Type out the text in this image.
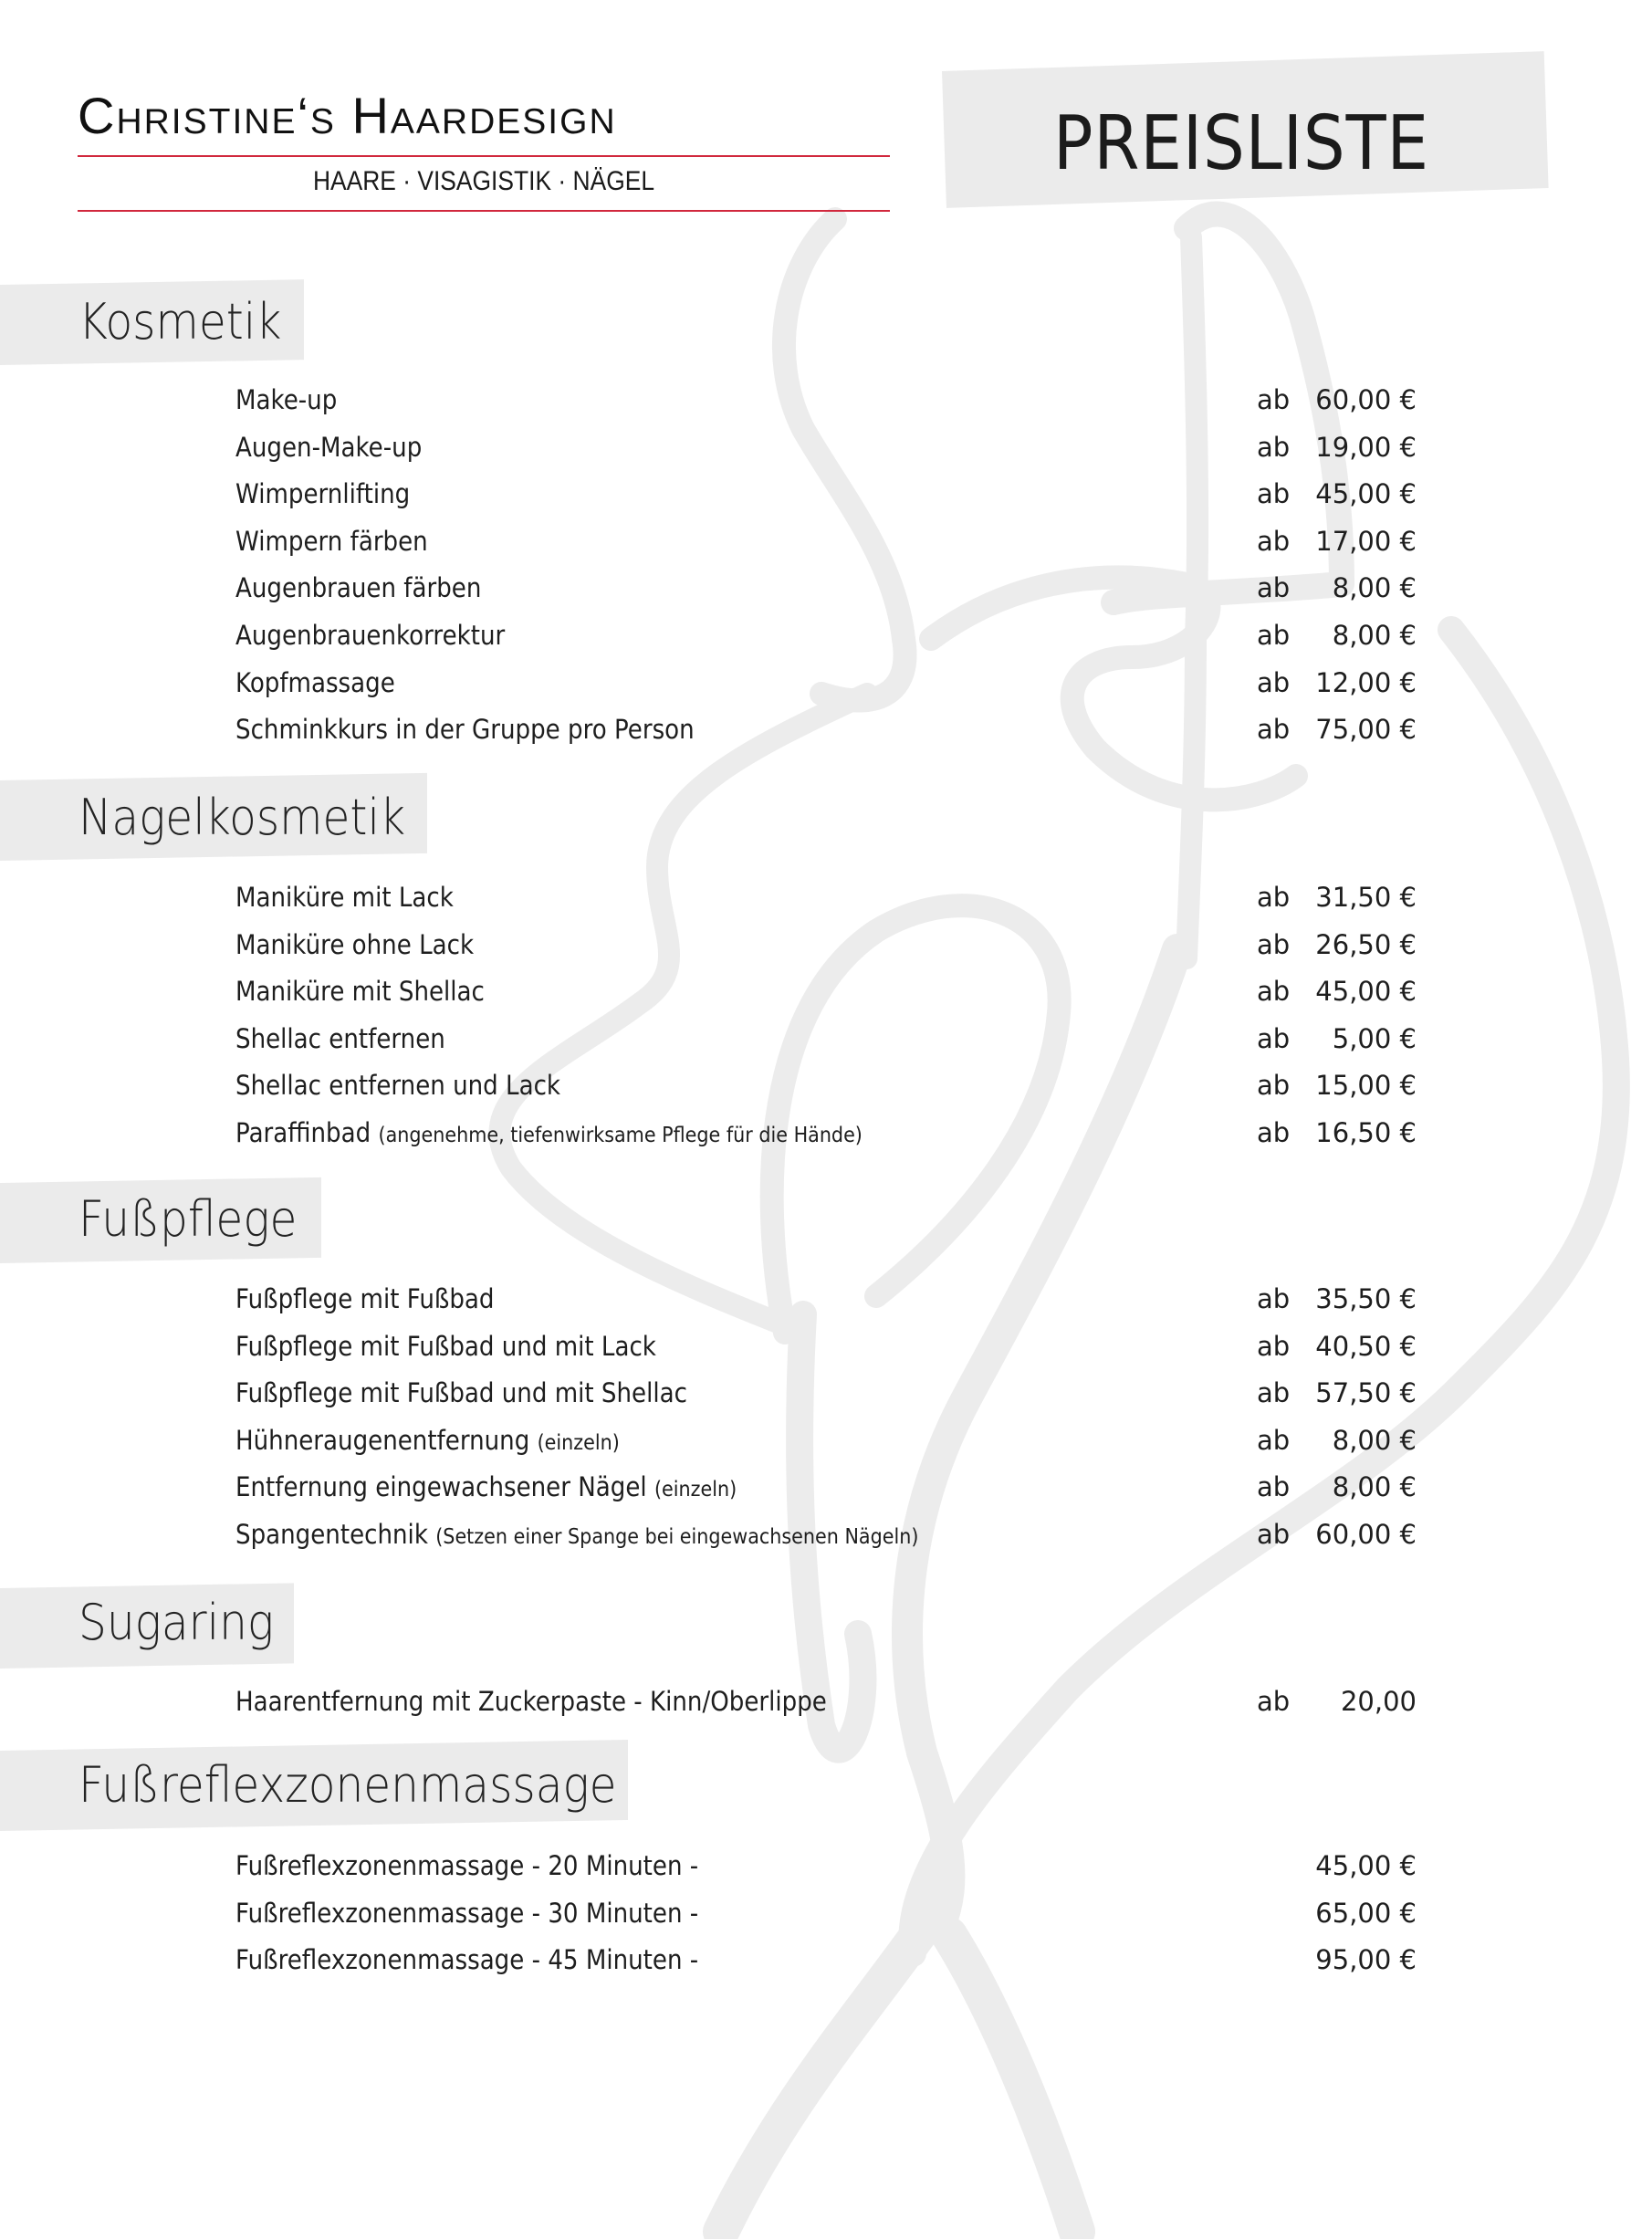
Christine‘s Haardesign
HAARE · VISAGISTIK · NÄGEL	PREISLISTE
Kosmetik
Make-up	ab 60,00 €
Augen-Make-up	ab 19,00 €
Wimpernlifting	ab 45,00 €
Wimpern färben	ab 17,00 €
Augenbrauen färben	ab 8,00 €
Augenbrauenkorrektur	ab 8,00 €
Kopfmassage	ab 12,00 €
Schminkkurs in der Gruppe pro Person	ab 75,00 €
Nagelkosmetik
Maniküre mit Lack	ab 31,50 €
Maniküre ohne Lack	ab 26,50 €
Maniküre mit Shellac	ab 45,00 €
Shellac entfernen	ab 5,00 €
Shellac entfernen und Lack	ab 15,00 €
Paraffinbad (angenehme, tiefenwirksame Pflege für die Hände)	ab 16,50 €
Fußpflege
Fußpflege mit Fußbad	ab 35,50 €
Fußpflege mit Fußbad und mit Lack	ab 40,50 €
Fußpflege mit Fußbad und mit Shellac	ab 57,50 €
Hühneraugenentfernung (einzeln)	ab 8,00 €
Entfernung eingewachsener Nägel (einzeln)	ab 8,00 €
Spangentechnik (Setzen einer Spange bei eingewachsenen Nägeln)	ab 60,00 €
Sugaring
Haarentfernung mit Zuckerpaste - Kinn/Oberlippe	ab 20,00
Fußreflexzonenmassage
Fußreflexzonenmassage - 20 Minuten -	45,00 €
Fußreflexzonenmassage - 30 Minuten -	65,00 €
Fußreflexzonenmassage - 45 Minuten -	95,00 €
